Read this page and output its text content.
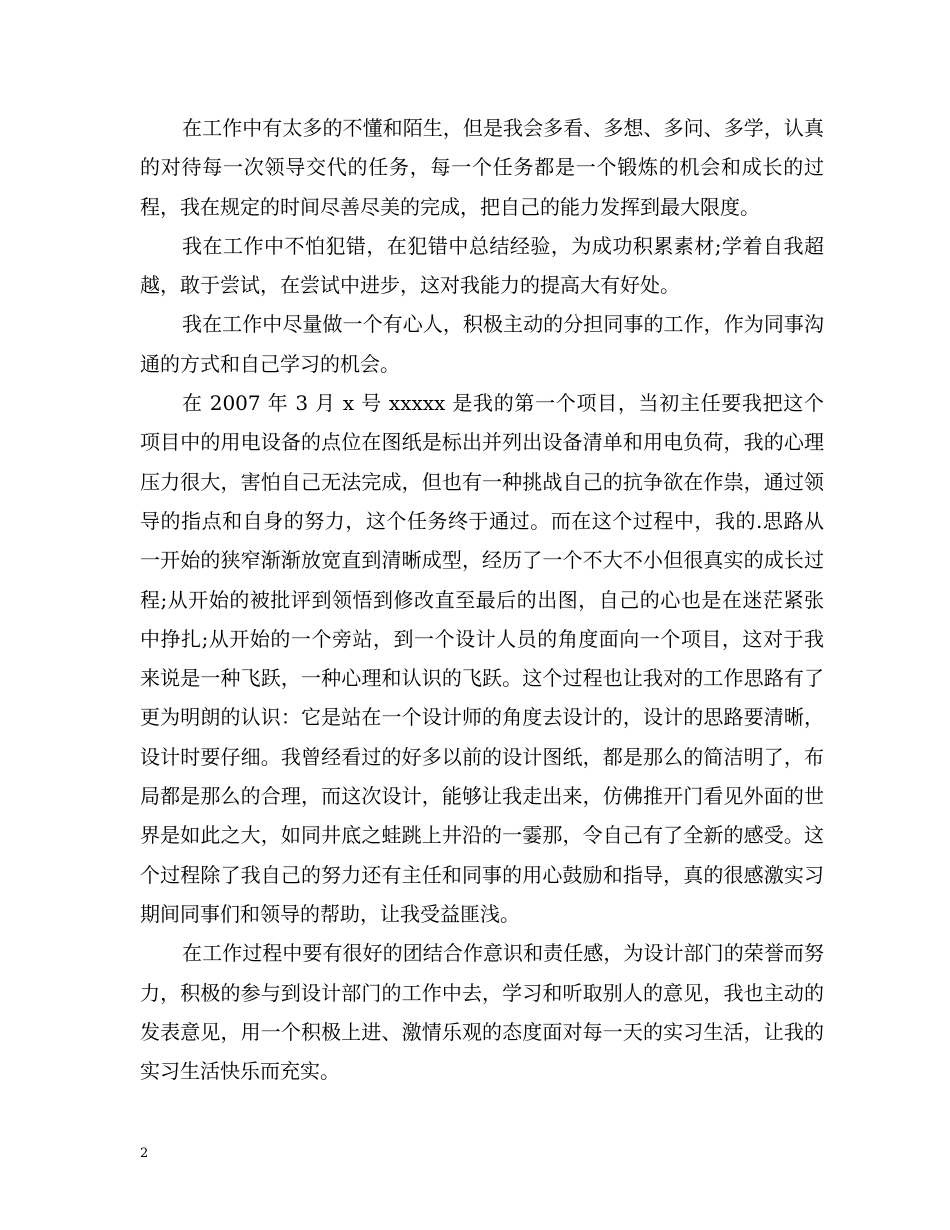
在工作中有太多的不懂和陌生，但是我会多看、多想、多问、多学，认真的对待每一次领导交代的任务，每一个任务都是一个锻炼的机会和成长的过程，我在规定的时间尽善尽美的完成，把自己的能力发挥到最大限度。

我在工作中不怕犯错，在犯错中总结经验，为成功积累素材;学着自我超越，敢于尝试，在尝试中进步，这对我能力的提高大有好处。

我在工作中尽量做一个有心人，积极主动的分担同事的工作，作为同事沟通的方式和自己学习的机会。

在 2007 年 3 月 x 号 xxxxx 是我的第一个项目，当初主任要我把这个项目中的用电设备的点位在图纸是标出并列出设备清单和用电负荷，我的心理压力很大，害怕自己无法完成，但也有一种挑战自己的抗争欲在作祟，通过领导的指点和自身的努力，这个任务终于通过。而在这个过程中，我的.思路从一开始的狭窄渐渐放宽直到清晰成型，经历了一个不大不小但很真实的成长过程;从开始的被批评到领悟到修改直至最后的出图，自己的心也是在迷茫紧张中挣扎;从开始的一个旁站，到一个设计人员的角度面向一个项目，这对于我来说是一种飞跃，一种心理和认识的飞跃。这个过程也让我对的工作思路有了更为明朗的认识：它是站在一个设计师的角度去设计的，设计的思路要清晰，设计时要仔细。我曾经看过的好多以前的设计图纸，都是那么的简洁明了，布局都是那么的合理，而这次设计，能够让我走出来，仿佛推开门看见外面的世界是如此之大，如同井底之蛙跳上井沿的一霎那，令自己有了全新的感受。这个过程除了我自己的努力还有主任和同事的用心鼓励和指导，真的很感激实习期间同事们和领导的帮助，让我受益匪浅。

在工作过程中要有很好的团结合作意识和责任感，为设计部门的荣誉而努力，积极的参与到设计部门的工作中去，学习和听取别人的意见，我也主动的发表意见，用一个积极上进、激情乐观的态度面对每一天的实习生活，让我的实习生活快乐而充实。

2
